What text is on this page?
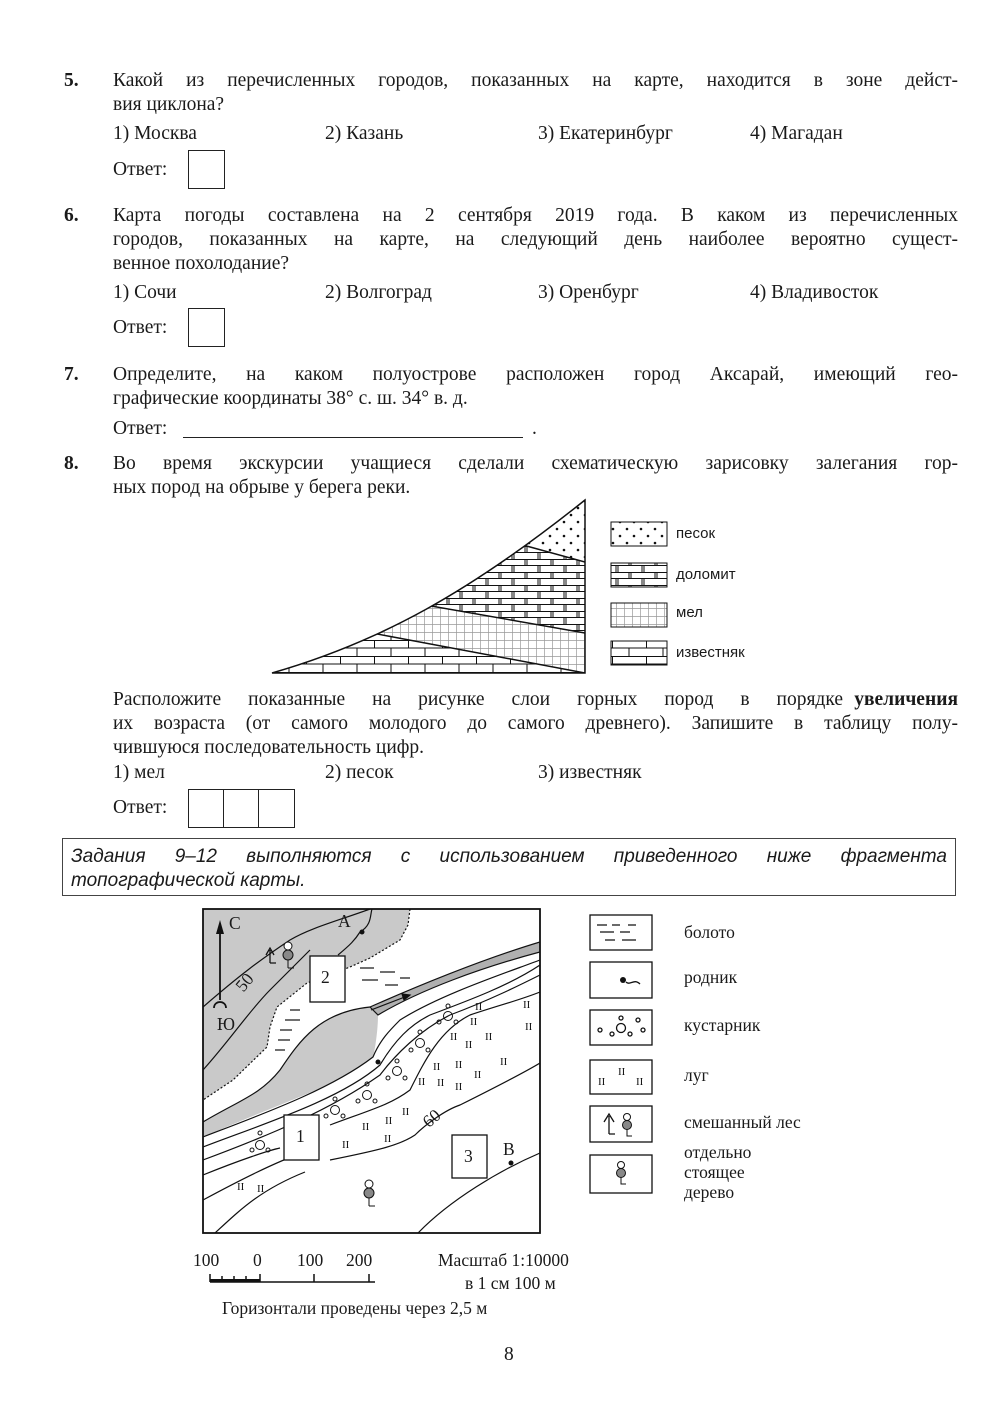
5. Какой из перечисленных городов, показанных на карте, находится в зоне дейст-
вия циклона?
1) Москва	2) Казань	3) Екатеринбург	4) Магадан
Ответ:
6. Карта погоды составлена на 2 сентября 2019 года. В каком из перечисленных
городов, показанных на карте, на следующий день наиболее вероятно сущест-
венное похолодание?
1) Сочи	2) Волгоград	3) Оренбург	4) Владивосток
Ответ:
7. Определите, на каком полуострове расположен город Аксарай, имеющий гео-
графические координаты 38° с. ш. 34° в. д.
Ответ:	.
8. Во время экскурсии учащиеся сделали схематическую зарисовку залегания гор-
ных пород на обрыве у берега реки.
песок
доломит
мел
известняк
Расположите показанные на рисунке слои горных пород в порядке увеличения
их возраста (от самого молодого до самого древнего). Запишите в таблицу полу-
чившуюся последовательность цифр.
1) мел	2) песок	3) известняк
Ответ:
Задания 9–12 выполняются с использованием приведенного ниже фрагмента
топографической карты.
II	II
II	II
II	II
II
II
II II
II
II II II
II
II
II
II
II
II II
С
Ю
А
В
50
60
2
1
3
II
II
II
болото
родник
кустарник
луг
смешанный лес
отдельно
стоящее
дерево
100 0 100 200	Масштаб 1:10000
в 1 см 100 м
Горизонтали проведены через 2,5 м
8
